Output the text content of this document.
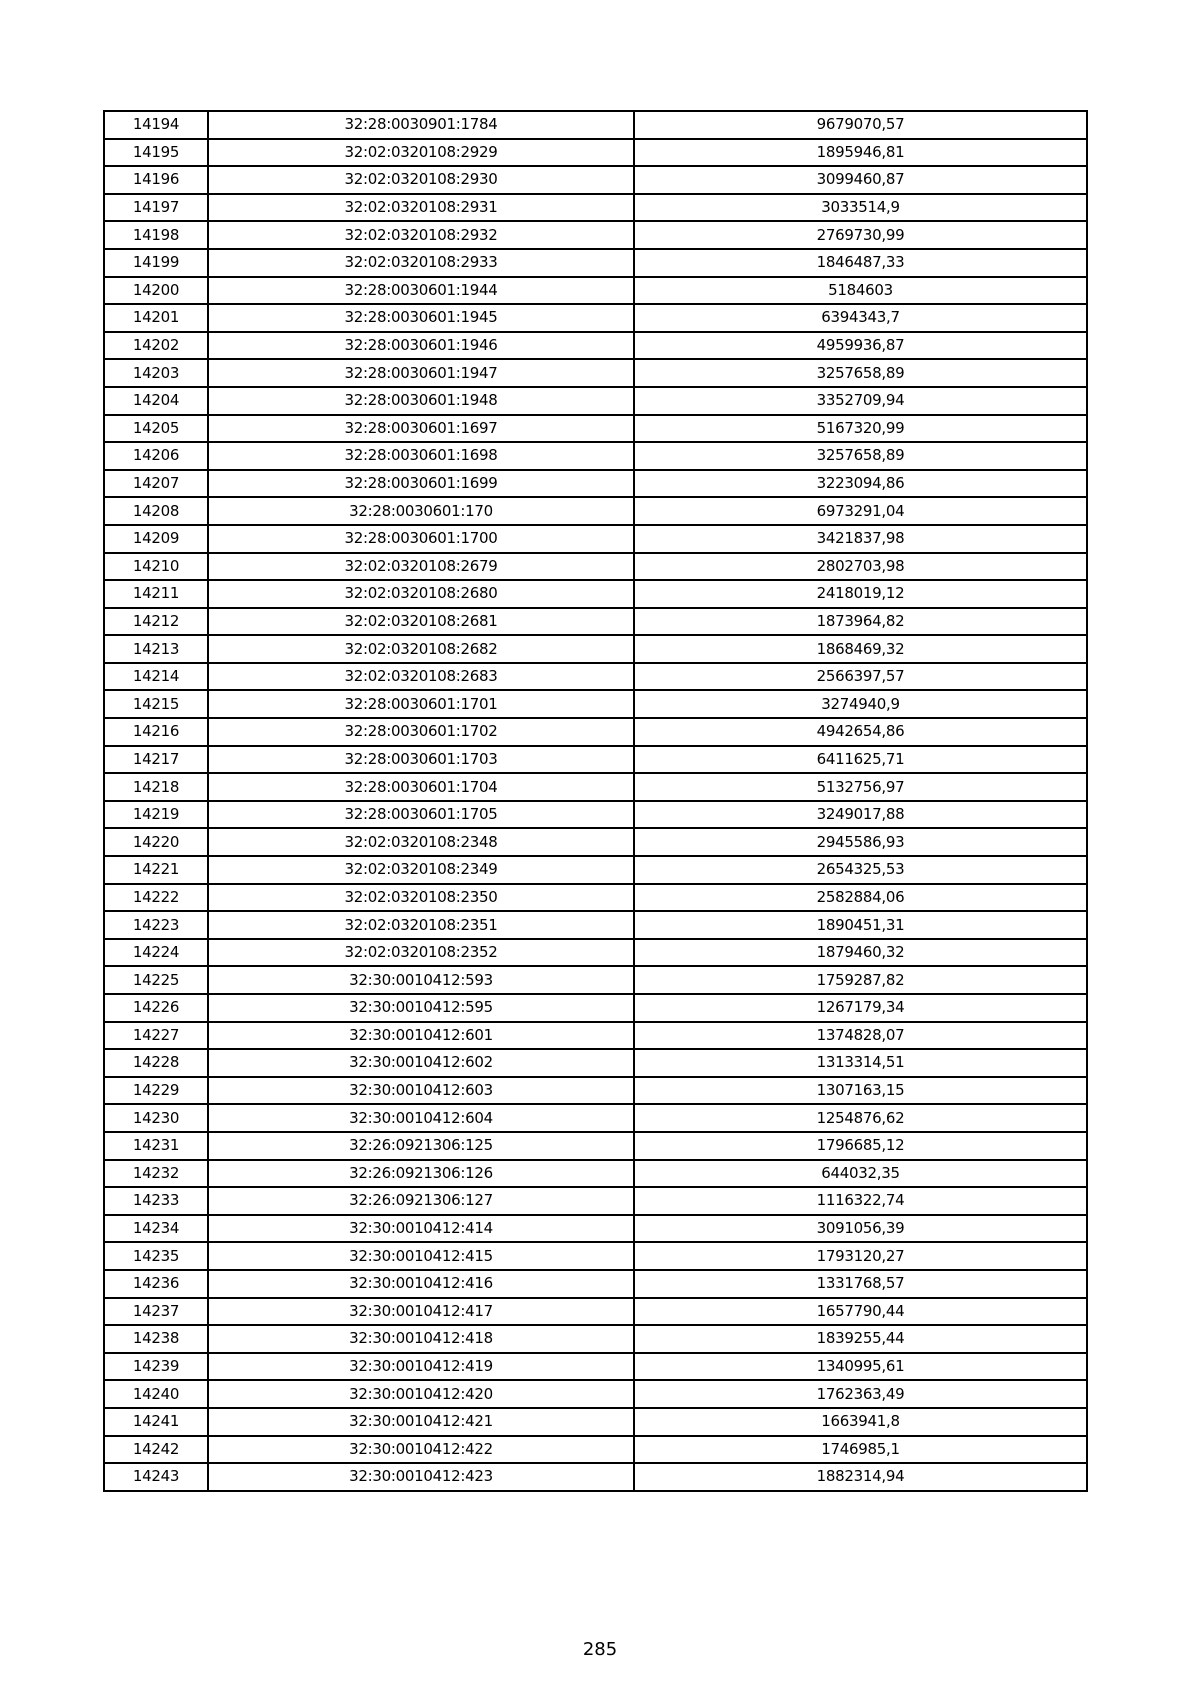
14194	32:28:0030901:1784	9679070,57
14195	32:02:0320108:2929	1895946,81
14196	32:02:0320108:2930	3099460,87
14197	32:02:0320108:2931	3033514,9
14198	32:02:0320108:2932	2769730,99
14199	32:02:0320108:2933	1846487,33
14200	32:28:0030601:1944	5184603
14201	32:28:0030601:1945	6394343,7
14202	32:28:0030601:1946	4959936,87
14203	32:28:0030601:1947	3257658,89
14204	32:28:0030601:1948	3352709,94
14205	32:28:0030601:1697	5167320,99
14206	32:28:0030601:1698	3257658,89
14207	32:28:0030601:1699	3223094,86
14208	32:28:0030601:170	6973291,04
14209	32:28:0030601:1700	3421837,98
14210	32:02:0320108:2679	2802703,98
14211	32:02:0320108:2680	2418019,12
14212	32:02:0320108:2681	1873964,82
14213	32:02:0320108:2682	1868469,32
14214	32:02:0320108:2683	2566397,57
14215	32:28:0030601:1701	3274940,9
14216	32:28:0030601:1702	4942654,86
14217	32:28:0030601:1703	6411625,71
14218	32:28:0030601:1704	5132756,97
14219	32:28:0030601:1705	3249017,88
14220	32:02:0320108:2348	2945586,93
14221	32:02:0320108:2349	2654325,53
14222	32:02:0320108:2350	2582884,06
14223	32:02:0320108:2351	1890451,31
14224	32:02:0320108:2352	1879460,32
14225	32:30:0010412:593	1759287,82
14226	32:30:0010412:595	1267179,34
14227	32:30:0010412:601	1374828,07
14228	32:30:0010412:602	1313314,51
14229	32:30:0010412:603	1307163,15
14230	32:30:0010412:604	1254876,62
14231	32:26:0921306:125	1796685,12
14232	32:26:0921306:126	644032,35
14233	32:26:0921306:127	1116322,74
14234	32:30:0010412:414	3091056,39
14235	32:30:0010412:415	1793120,27
14236	32:30:0010412:416	1331768,57
14237	32:30:0010412:417	1657790,44
14238	32:30:0010412:418	1839255,44
14239	32:30:0010412:419	1340995,61
14240	32:30:0010412:420	1762363,49
14241	32:30:0010412:421	1663941,8
14242	32:30:0010412:422	1746985,1
14243	32:30:0010412:423	1882314,94
285
